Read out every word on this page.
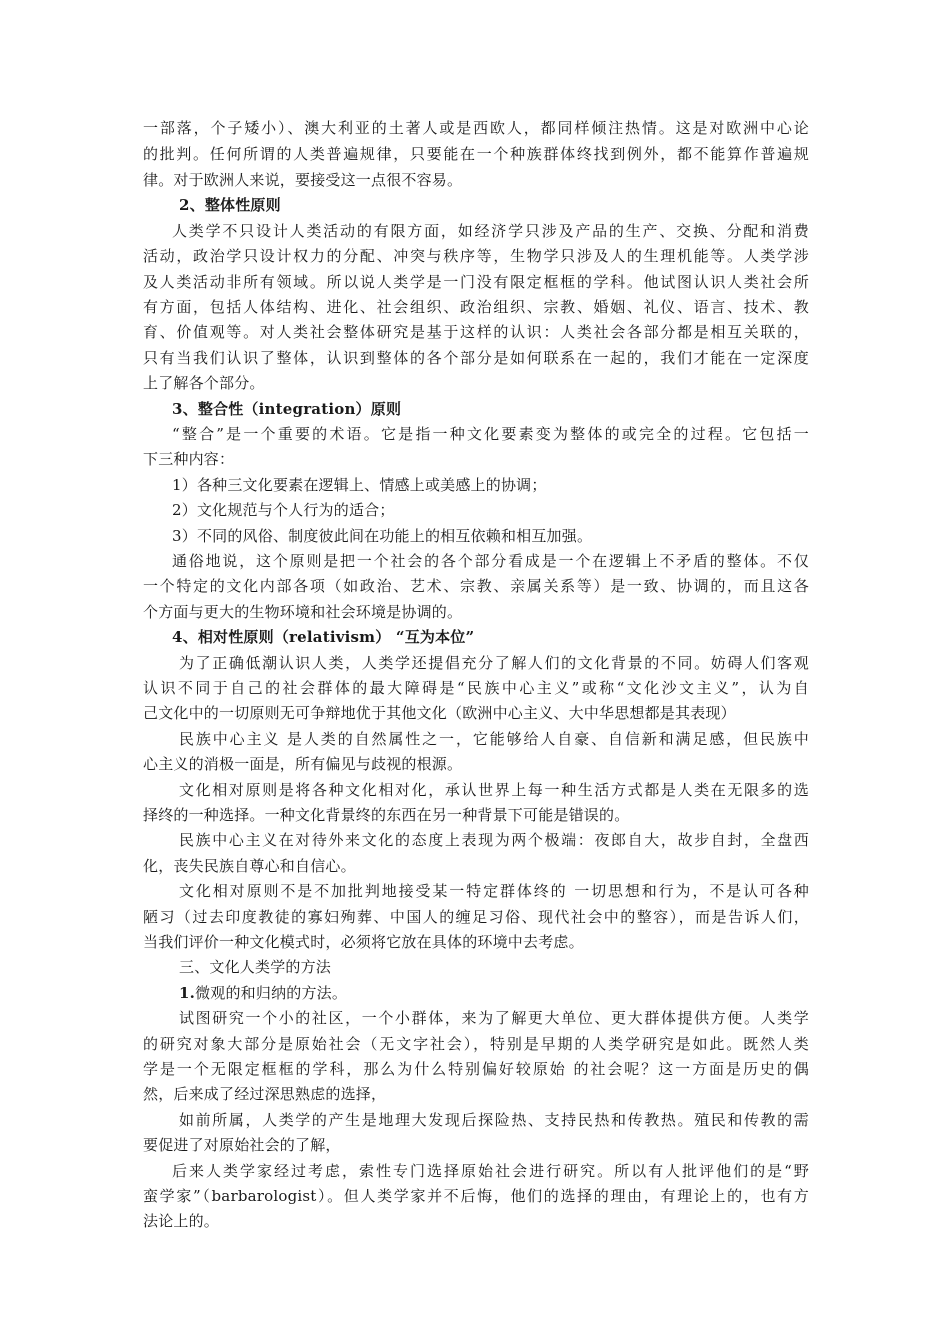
一部落，个子矮小）、澳大利亚的土著人或是西欧人，都同样倾注热情。这是对欧洲中心论
的批判。任何所谓的人类普遍规律，只要能在一个种族群体终找到例外，都不能算作普遍规
律。对于欧洲人来说，要接受这一点很不容易。
2、整体性原则
人类学不只设计人类活动的有限方面，如经济学只涉及产品的生产、交换、分配和消费
活动，政治学只设计权力的分配、冲突与秩序等，生物学只涉及人的生理机能等。人类学涉
及人类活动非所有领域。所以说人类学是一门没有限定框框的学科。他试图认识人类社会所
有方面，包括人体结构、进化、社会组织、政治组织、宗教、婚姻、礼仪、语言、技术、教
育、价值观等。对人类社会整体研究是基于这样的认识：人类社会各部分都是相互关联的，
只有当我们认识了整体，认识到整体的各个部分是如何联系在一起的，我们才能在一定深度
上了解各个部分。
3、整合性（integration）原则
“整合”是一个重要的术语。它是指一种文化要素变为整体的或完全的过程。它包括一
下三种内容：
1）各种三文化要素在逻辑上、情感上或美感上的协调；
2）文化规范与个人行为的适合；
3）不同的风俗、制度彼此间在功能上的相互依赖和相互加强。
通俗地说，这个原则是把一个社会的各个部分看成是一个在逻辑上不矛盾的整体。不仅
一个特定的文化内部各项（如政治、艺术、宗教、亲属关系等）是一致、协调的，而且这各
个方面与更大的生物环境和社会环境是协调的。
4、相对性原则（relativism） “互为本位”
为了正确低潮认识人类，人类学还提倡充分了解人们的文化背景的不同。妨碍人们客观
认识不同于自己的社会群体的最大障碍是“民族中心主义”或称“文化沙文主义”，认为自
己文化中的一切原则无可争辩地优于其他文化（欧洲中心主义、大中华思想都是其表现）
民族中心主义 是人类的自然属性之一，它能够给人自豪、自信新和满足感，但民族中
心主义的消极一面是，所有偏见与歧视的根源。
文化相对原则是将各种文化相对化，承认世界上每一种生活方式都是人类在无限多的选
择终的一种选择。一种文化背景终的东西在另一种背景下可能是错误的。
民族中心主义在对待外来文化的态度上表现为两个极端：夜郎自大，故步自封，全盘西
化，丧失民族自尊心和自信心。
文化相对原则不是不加批判地接受某一特定群体终的 一切思想和行为，不是认可各种
陋习（过去印度教徒的寡妇殉葬、中国人的缠足习俗、现代社会中的整容），而是告诉人们，
当我们评价一种文化模式时，必须将它放在具体的环境中去考虑。
三、文化人类学的方法
1.微观的和归纳的方法。
试图研究一个小的社区，一个小群体，来为了解更大单位、更大群体提供方便。人类学
的研究对象大部分是原始社会（无文字社会），特别是早期的人类学研究是如此。既然人类
学是一个无限定框框的学科，那么为什么特别偏好较原始 的社会呢？这一方面是历史的偶
然，后来成了经过深思熟虑的选择，
如前所属，人类学的产生是地理大发现后探险热、支持民热和传教热。殖民和传教的需
要促进了对原始社会的了解，
后来人类学家经过考虑，索性专门选择原始社会进行研究。所以有人批评他们的是“野
蛮学家”（barbarologist）。但人类学家并不后悔，他们的选择的理由，有理论上的，也有方
法论上的。
